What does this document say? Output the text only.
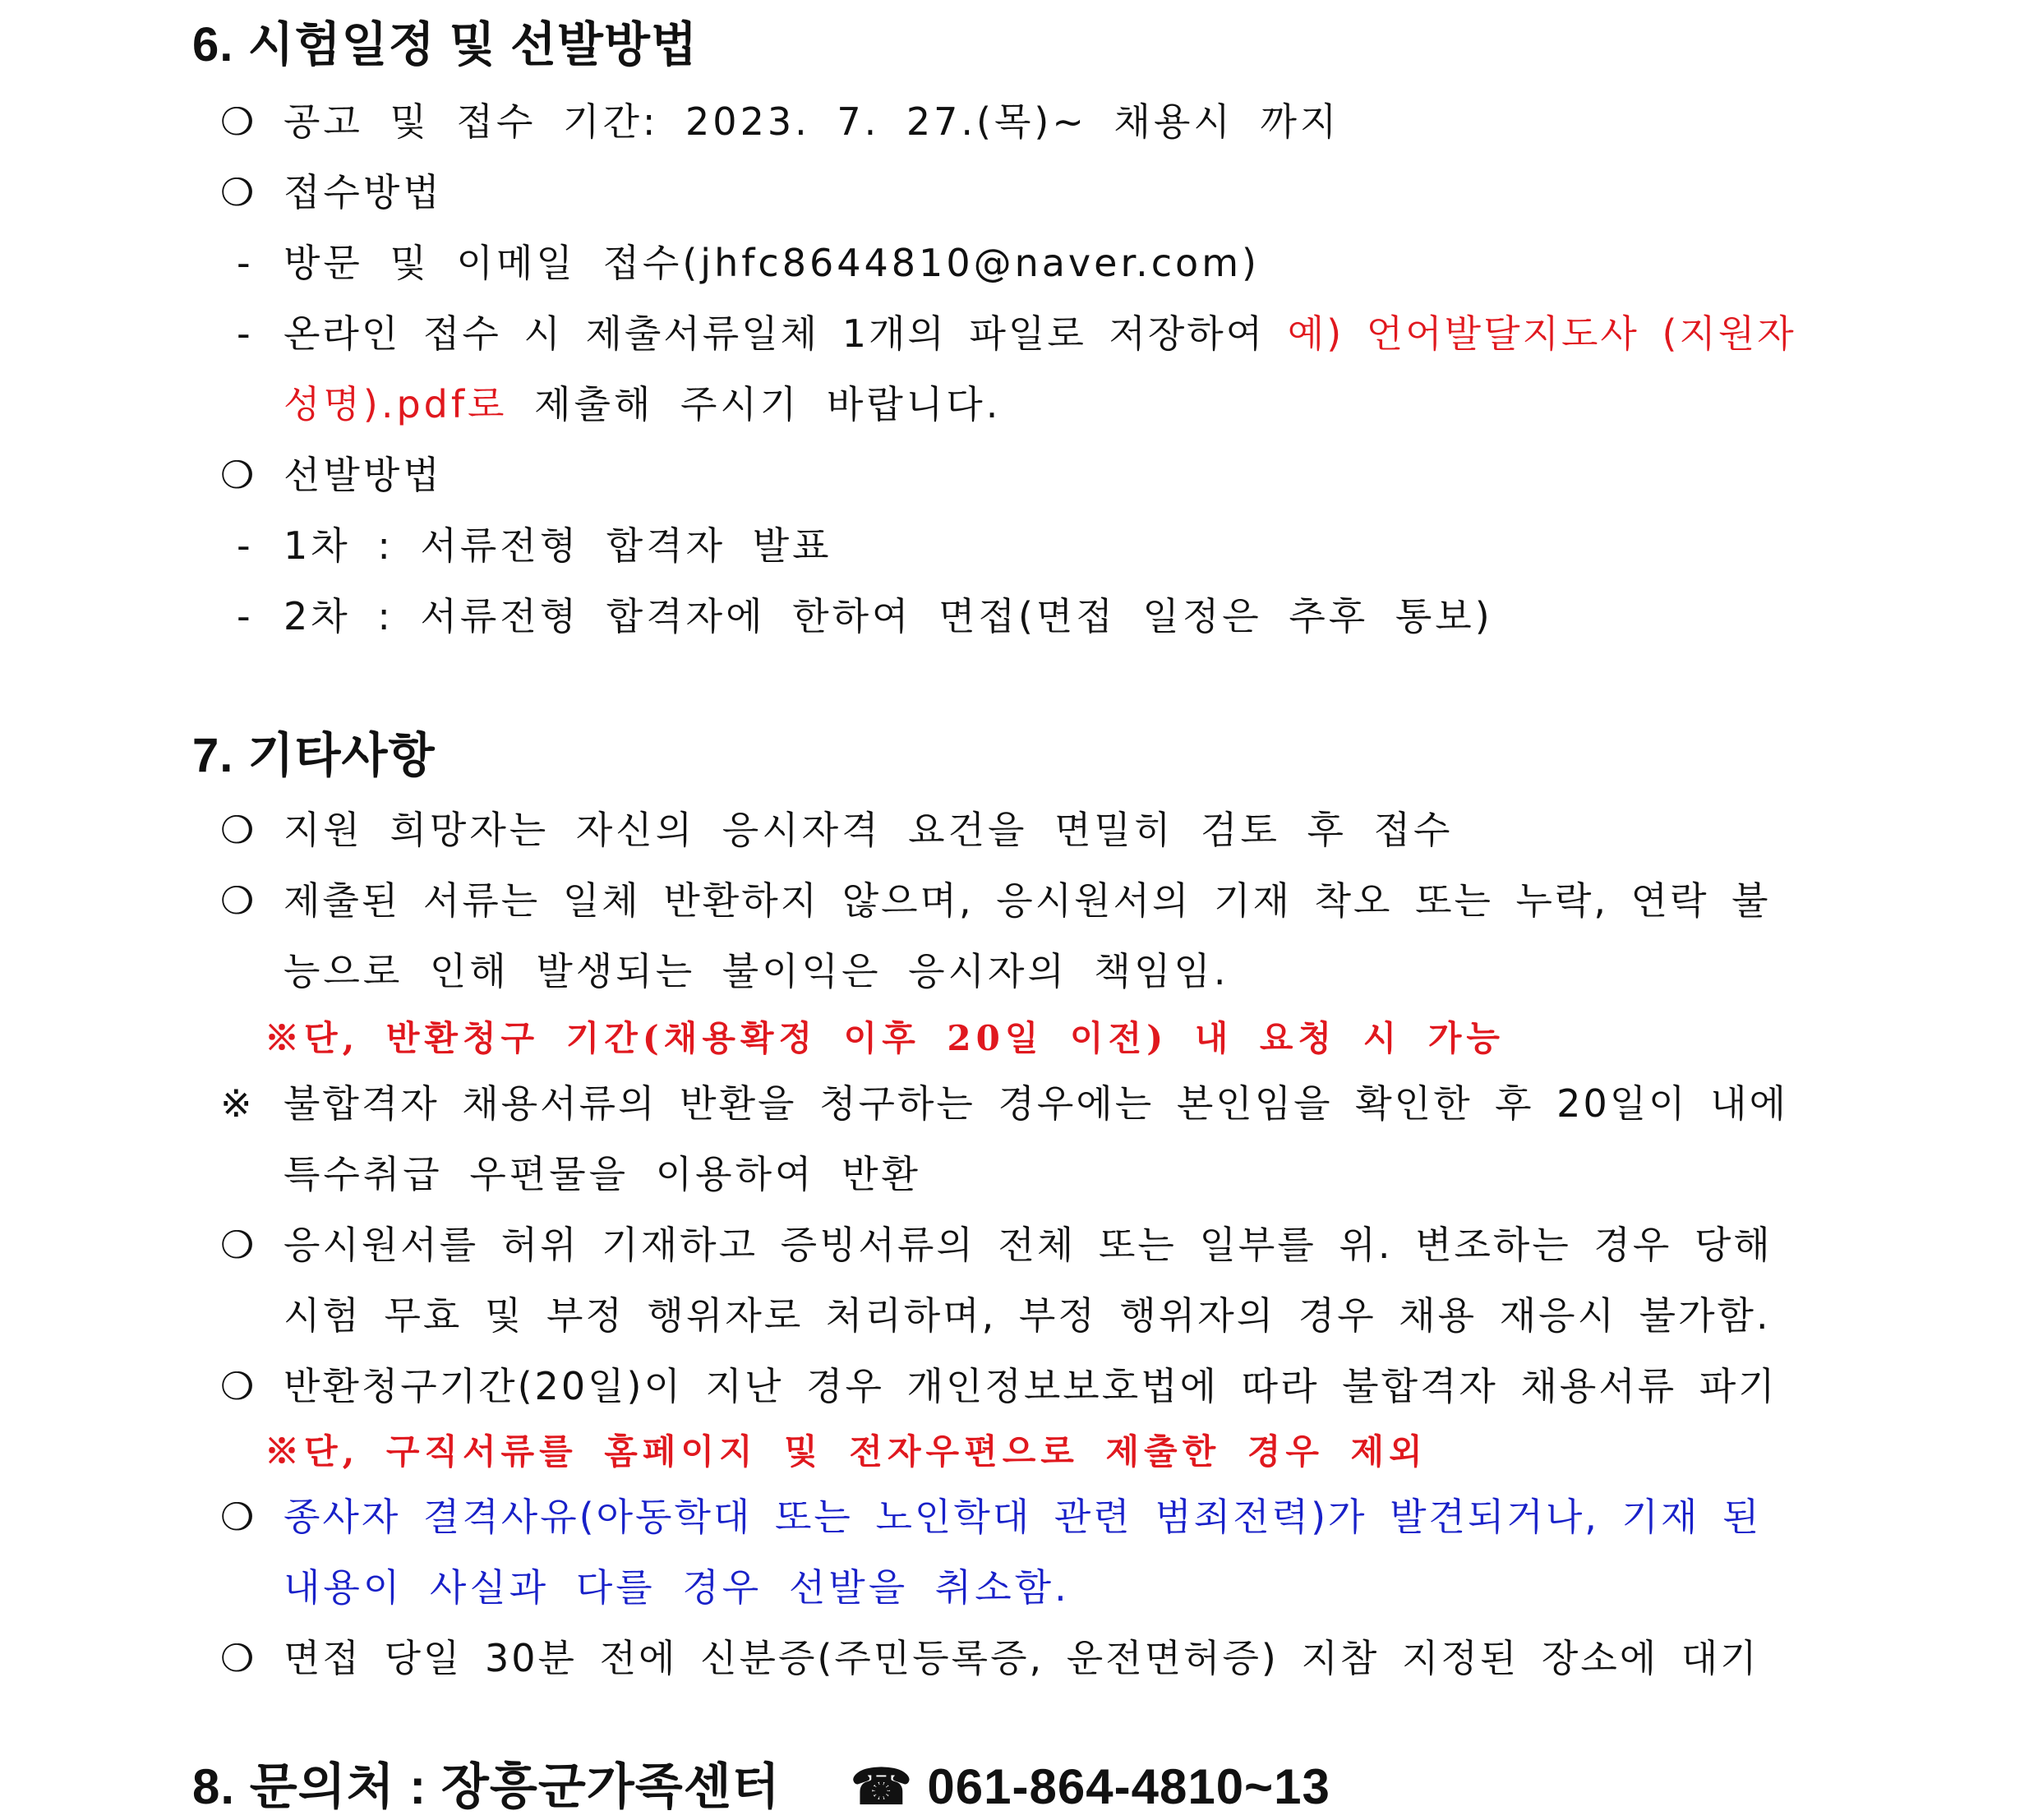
6. 시험일정 및 선발방법
❍ 공고 및 접수 기간: 2023. 7. 27.(목)~ 채용시 까지
❍ 접수방법
- 방문 및 이메일 접수(jhfc8644810@naver.com)
- 온라인 접수 시 제출서류일체 1개의 파일로 저장하여 예) 언어발달지도사 (지원자
성명).pdf로 제출해 주시기 바랍니다.
❍ 선발방법
- 1차 : 서류전형 합격자 발표
- 2차 : 서류전형 합격자에 한하여 면접(면접 일정은 추후 통보)
7. 기타사항
❍ 지원 희망자는 자신의 응시자격 요건을 면밀히 검토 후 접수
❍ 제출된 서류는 일체 반환하지 않으며, 응시원서의 기재 착오 또는 누락, 연락 불
능으로 인해 발생되는 불이익은 응시자의 책임임.
※단, 반환청구 기간(채용확정 이후 20일 이전) 내 요청 시 가능
※ 불합격자 채용서류의 반환을 청구하는 경우에는 본인임을 확인한 후 20일이 내에
특수취급 우편물을 이용하여 반환
❍ 응시원서를 허위 기재하고 증빙서류의 전체 또는 일부를 위. 변조하는 경우 당해
시험 무효 및 부정 행위자로 처리하며, 부정 행위자의 경우 채용 재응시 불가함.
❍ 반환청구기간(20일)이 지난 경우 개인정보보호법에 따라 불합격자 채용서류 파기
※단, 구직서류를 홈페이지 및 전자우편으로 제출한 경우 제외
❍ 종사자 결격사유(아동학대 또는 노인학대 관련 범죄전력)가 발견되거나, 기재 된
내용이 사실과 다를 경우 선발을 취소함.
❍ 면접 당일 30분 전에 신분증(주민등록증, 운전면허증) 지참 지정된 장소에 대기
8. 문의처 : 장흥군가족센터 ☎ 061-864-4810~13
